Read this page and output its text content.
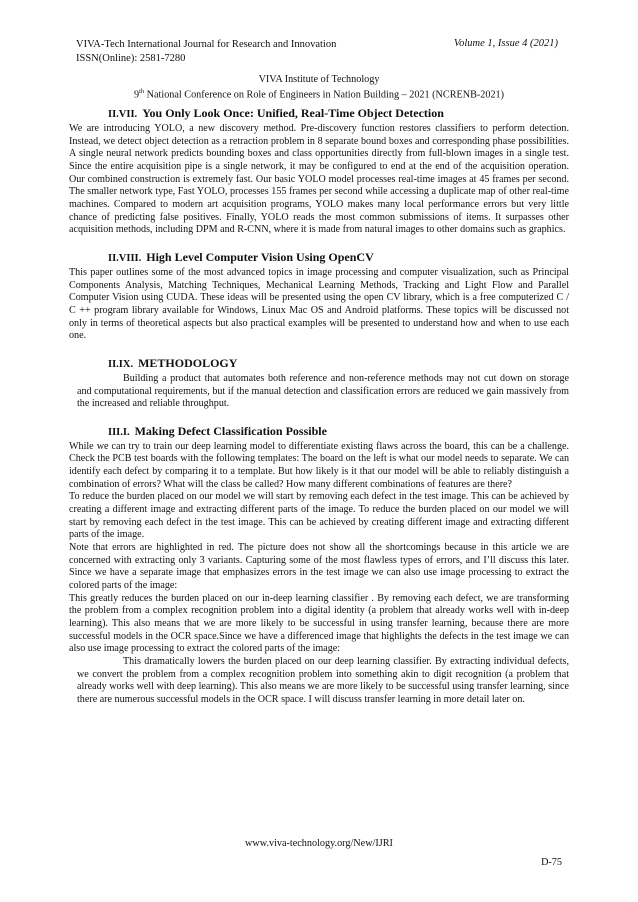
VIVA-Tech International Journal for Research and Innovation
ISSN(Online): 2581-7280
Volume 1, Issue 4 (2021)
VIVA Institute of Technology
9th National Conference on Role of Engineers in Nation Building – 2021 (NCRENB-2021)
II.VII. You Only Look Once: Unified, Real-Time Object Detection

We are introducing YOLO, a new discovery method. Pre-discovery function restores classifiers to perform detection. Instead, we detect object detection as a retraction problem in 8 separate bound boxes and corresponding phase possibilities. A single neural network predicts bounding boxes and class opportunities directly from full-blown images in a single test. Since the entire acquisition pipe is a single network, it may be configured to end at the end of the acquisition operation. Our combined construction is extremely fast. Our basic YOLO model processes real-time images at 45 frames per second. The smaller network type, Fast YOLO, processes 155 frames per second while accessing a duplicate map of other real-time machines. Compared to modern art acquisition programs, YOLO makes many local performance errors but very little chance of predicting false positives. Finally, YOLO reads the most common submissions of items. It surpasses other acquisition methods, including DPM and R-CNN, where it is made from natural images to other domains such as graphics.

II.VIII. High Level Computer Vision Using OpenCV

This paper outlines some of the most advanced topics in image processing and computer visualization, such as Principal Components Analysis, Matching Techniques, Mechanical Learning Methods, Tracking and Light Flow and Parallel Computer Vision using CUDA. These ideas will be presented using the open CV library, which is a free computerized C / C ++ program library available for Windows, Linux Mac OS and Android platforms. These topics will be discussed not only in terms of theoretical aspects but also practical examples will be presented to understand how and when to use each one.

II.IX. METHODOLOGY

Building a product that automates both reference and non-reference methods may not cut down on storage and computational requirements, but if the manual detection and classification errors are reduced we gain massively from the increased and reliable throughput.

III.I. Making Defect Classification Possible

While we can try to train our deep learning model to differentiate existing flaws across the board, this can be a challenge. Check the PCB test boards with the following templates: The board on the left is what our model needs to separate. We can identify each defect by comparing it to a template. But how likely is it that our model will be able to reliably distinguish a combination of errors? What will the class be called? How many different combinations of features are there?

To reduce the burden placed on our model we will start by removing each defect in the test image. This can be achieved by creating a different image and extracting different parts of the image. To reduce the burden placed on our model we will start by removing each defect in the test image. This can be achieved by creating different image and extracting different parts of the image.

Note that errors are highlighted in red. The picture does not show all the shortcomings because in this article we are concerned with extracting only 3 variants. Capturing some of the most flawless types of errors, and I’ll discuss this later. Since we have a separate image that emphasizes errors in the test image we can also use image processing to extract the colored parts of the image:

This greatly reduces the burden placed on our in-deep learning classifier . By removing each defect, we are transforming the problem from a complex recognition problem into a digital identity (a problem that already works well with in-deep learning). This also means that we are more likely to be successful in using transfer learning, because there are more successful models in the OCR space.Since we have a differenced image that highlights the defects in the test image we can also use image processing to extract the colored parts of the image:

This dramatically lowers the burden placed on our deep learning classifier. By extracting individual defects, we convert the problem from a complex recognition problem into something akin to digit recognition (a problem that already works well with deep learning). This also means we are more likely to be successful using transfer learning, since there are numerous successful models in the OCR space. I will discuss transfer learning in more detail later on.

www.viva-technology.org/New/IJRI
D-75
